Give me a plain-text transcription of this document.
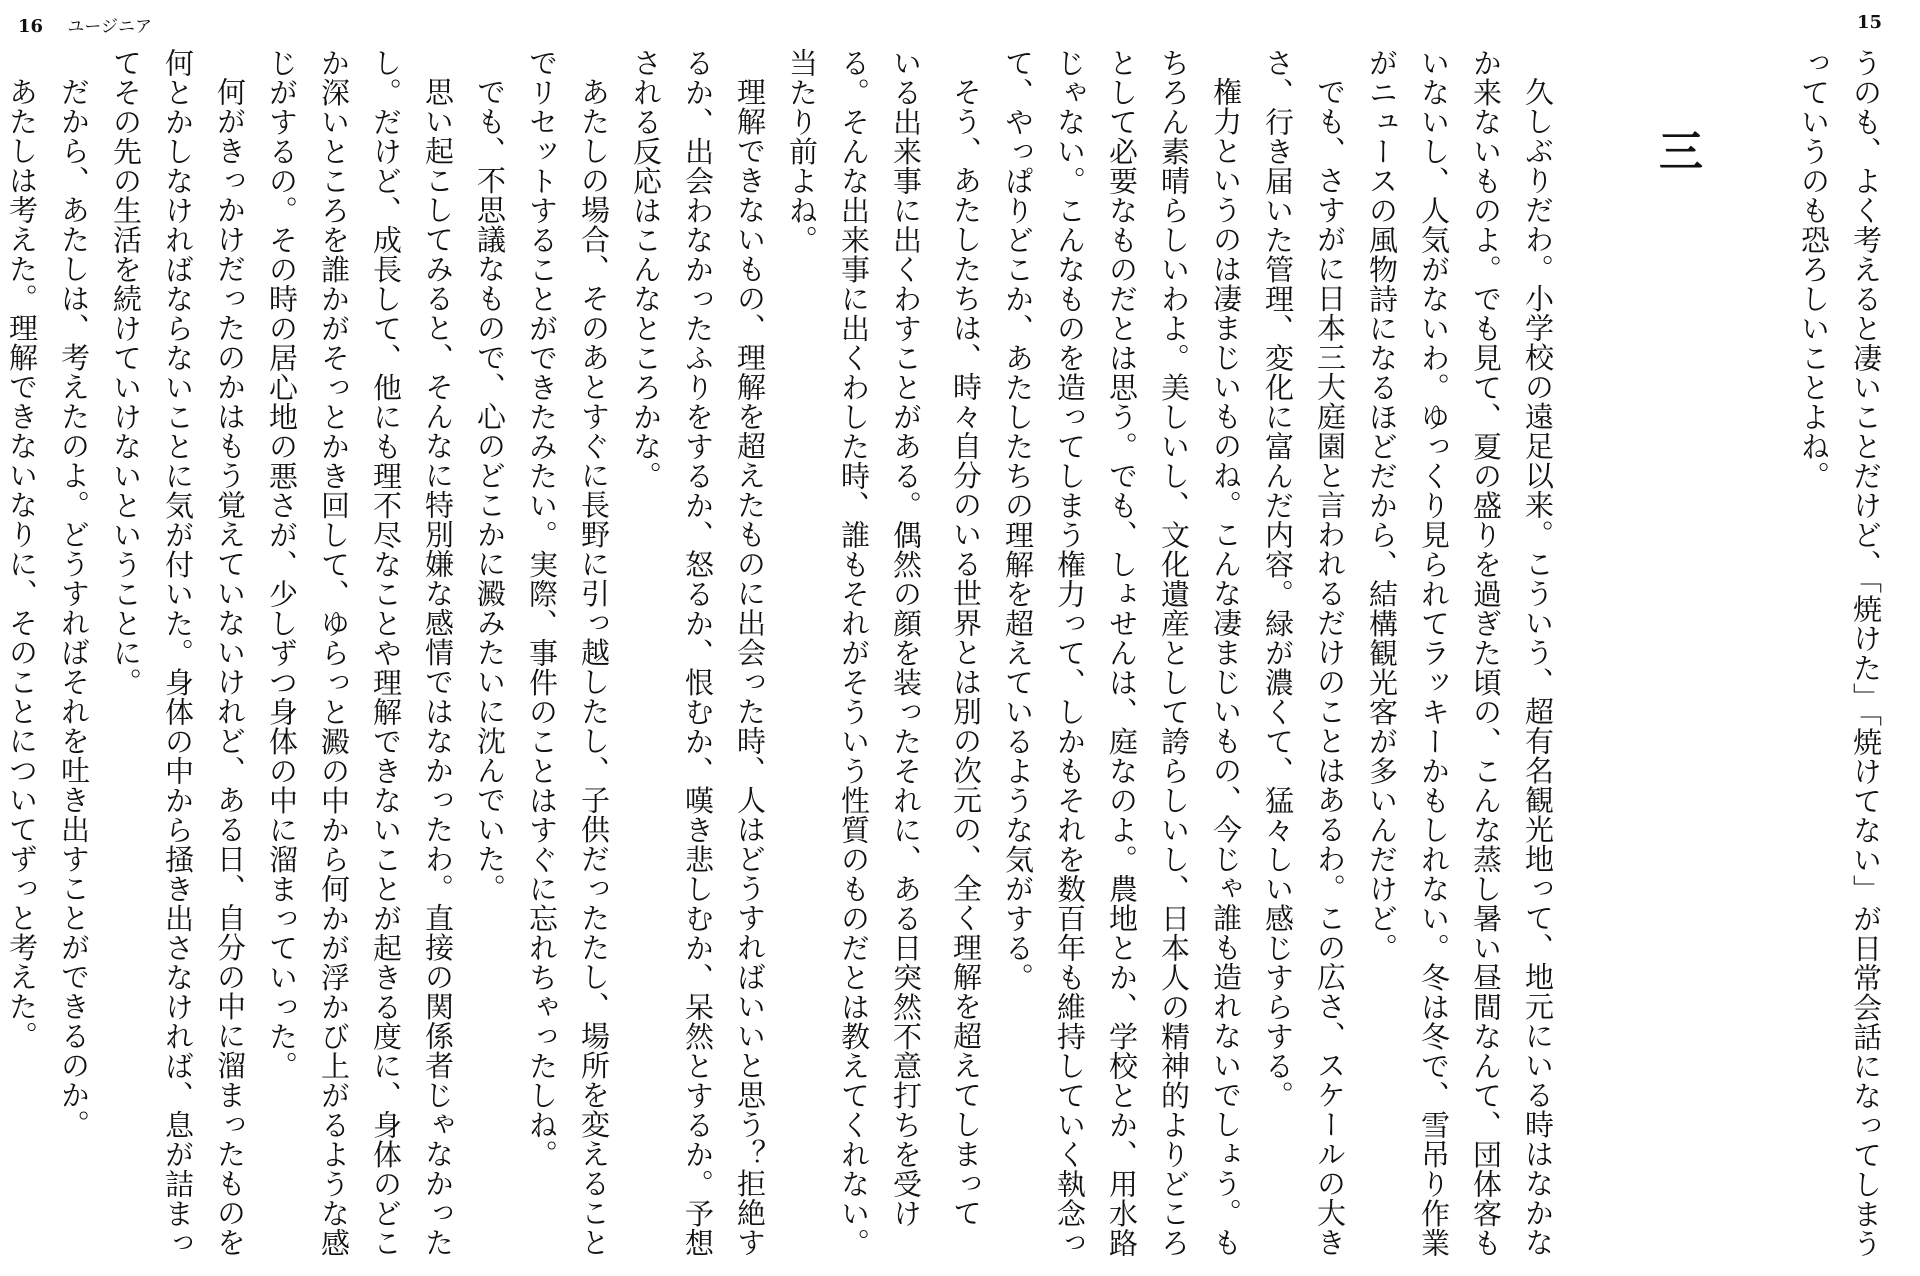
16 ユージニア

いる出来事に出くわすことがある。偶然の顔を装ったそれに、ある日突然不意打ちを受ける。そんな出来事に出くわした時、誰もそれがそういう性質のものだとは教えてくれない。当たり前よね。

理解できないもの、理解を超えたものに出会った時、人はどうすればいいと思う？拒絶するか、出会わなかったふりをするか、怒るか、恨むか、嘆き悲しむか、呆然とするか。予想される反応はこんなところかな。

あたしの場合、そのあとすぐに長野に引っ越したし、子供だったたし、場所を変えることでリセットすることができたみたい。実際、事件のことはすぐに忘れちゃったしね。

でも、不思議なもので、心のどこかに澱みたいに沈んでいた。

思い起こしてみると、そんなに特別嫌な感情ではなかったわ。直接の関係者じゃなかったし。だけど、成長して、他にも理不尽なことや理解できないことが起きる度に、身体のどこか深いところを誰かがそっとかき回して、ゆらっと澱の中から何かが浮かび上がるような感じがするの。その時の居心地の悪さが、少しずつ身体の中に溜まっていった。

何がきっかけだったのかはもう覚えていないけれど、ある日、自分の中に溜まったものを何とかしなければならないことに気が付いた。身体の中から掻き出さなければ、息が詰まってその先の生活を続けていけないということに。

だから、あたしは、考えたのよ。どうすればそれを吐き出すことができるのか。

あたしは考えた。理解できないなりに、そのことについてずっと考えた。

15

うのも、よく考えると凄いことだけど、「焼けた」「焼けてない」が日常会話になってしまうっていうのも恐ろしいことよね。

三

久しぶりだわ。小学校の遠足以来。こういう、超有名観光地って、地元にいる時はなかなか来ないものよ。でも見て、夏の盛りを過ぎた頃の、こんな蒸し暑い昼間なんて、団体客もいないし、人気がないわ。ゆっくり見られてラッキーかもしれない。冬は冬で、雪吊り作業がニュースの風物詩になるほどだから、結構観光客が多いんだけど。

でも、さすがに日本三大庭園と言われるだけのことはあるわ。この広さ、スケールの大きさ、行き届いた管理、変化に富んだ内容。緑が濃くて、猛々しい感じすらする。

権力というのは凄まじいものね。こんな凄まじいもの、今じゃ誰も造れないでしょう。もちろん素晴らしいわよ。美しいし、文化遺産として誇らしいし、日本人の精神的よりどころとして必要なものだとは思う。でも、しょせんは、庭なのよ。農地とか、学校とか、用水路じゃない。こんなものを造ってしまう権力って、しかもそれを数百年も維持していく執念って、やっぱりどこか、あたしたちの理解を超えているような気がする。

そう、あたしたちは、時々自分のいる世界とは別の次元の、全く理解を超えてしまって
